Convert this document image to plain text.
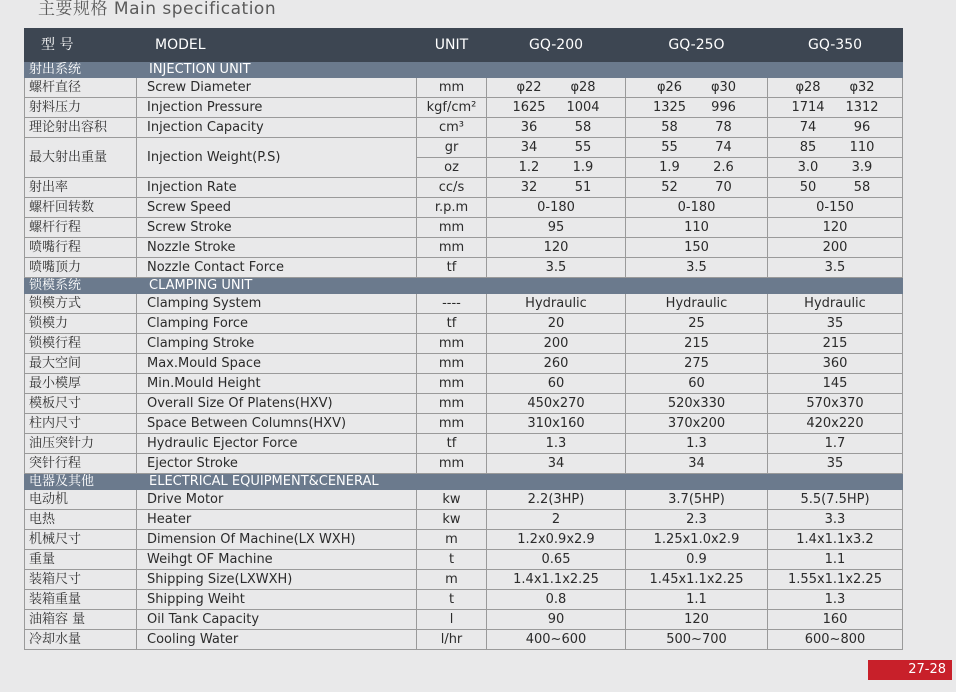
主要规格 Main specification
型 号	MODEL	UNIT	GQ-200	GQ-25O	GQ-350
射出系统	INJECTION UNIT				
螺杆直径	Screw Diameter	mm	φ22 φ28	φ26 φ30	φ28 φ32
射料压力	Injection Pressure	kgf/cm²	1625 1004	1325 996	1714 1312
理论射出容积	Injection Capacity	cm³	36 58	58 78	74 96
最大射出重量	Injection Weight(P.S)	gr	34 55	55 74	85 110
		oz	1.2 1.9	1.9 2.6	3.0 3.9
射出率	Injection Rate	cc/s	32 51	52 70	50 58
螺杆回转数	Screw Speed	r.p.m	0-180	0-180	0-150
螺杆行程	Screw Stroke	mm	95	110	120
喷嘴行程	Nozzle Stroke	mm	120	150	200
喷嘴顶力	Nozzle Contact Force	tf	3.5	3.5	3.5
锁模系统	CLAMPING UNIT				
锁模方式	Clamping System	----	Hydraulic	Hydraulic	Hydraulic
锁模力	Clamping Force	tf	20	25	35
锁模行程	Clamping Stroke	mm	200	215	215
最大空间	Max.Mould Space	mm	260	275	360
最小模厚	Min.Mould Height	mm	60	60	145
模板尺寸	Overall Size Of Platens(HXV)	mm	450x270	520x330	570x370
柱内尺寸	Space Between Columns(HXV)	mm	310x160	370x200	420x220
油压突针力	Hydraulic Ejector Force	tf	1.3	1.3	1.7
突针行程	Ejector Stroke	mm	34	34	35
电器及其他	ELECTRICAL EQUIPMENT&CENERAL				
电动机	Drive Motor	kw	2.2(3HP)	3.7(5HP)	5.5(7.5HP)
电热	Heater	kw	2	2.3	3.3
机械尺寸	Dimension Of Machine(LX WXH)	m	1.2x0.9x2.9	1.25x1.0x2.9	1.4x1.1x3.2
重量	Weihgt OF Machine	t	0.65	0.9	1.1
装箱尺寸	Shipping Size(LXWXH)	m	1.4x1.1x2.25	1.45x1.1x2.25	1.55x1.1x2.25
装箱重量	Shipping Weiht	t	0.8	1.1	1.3
油箱容 量	Oil Tank Capacity	l	90	120	160
冷却水量	Cooling Water	l/hr	400~600	500~700	600~800
27-28
